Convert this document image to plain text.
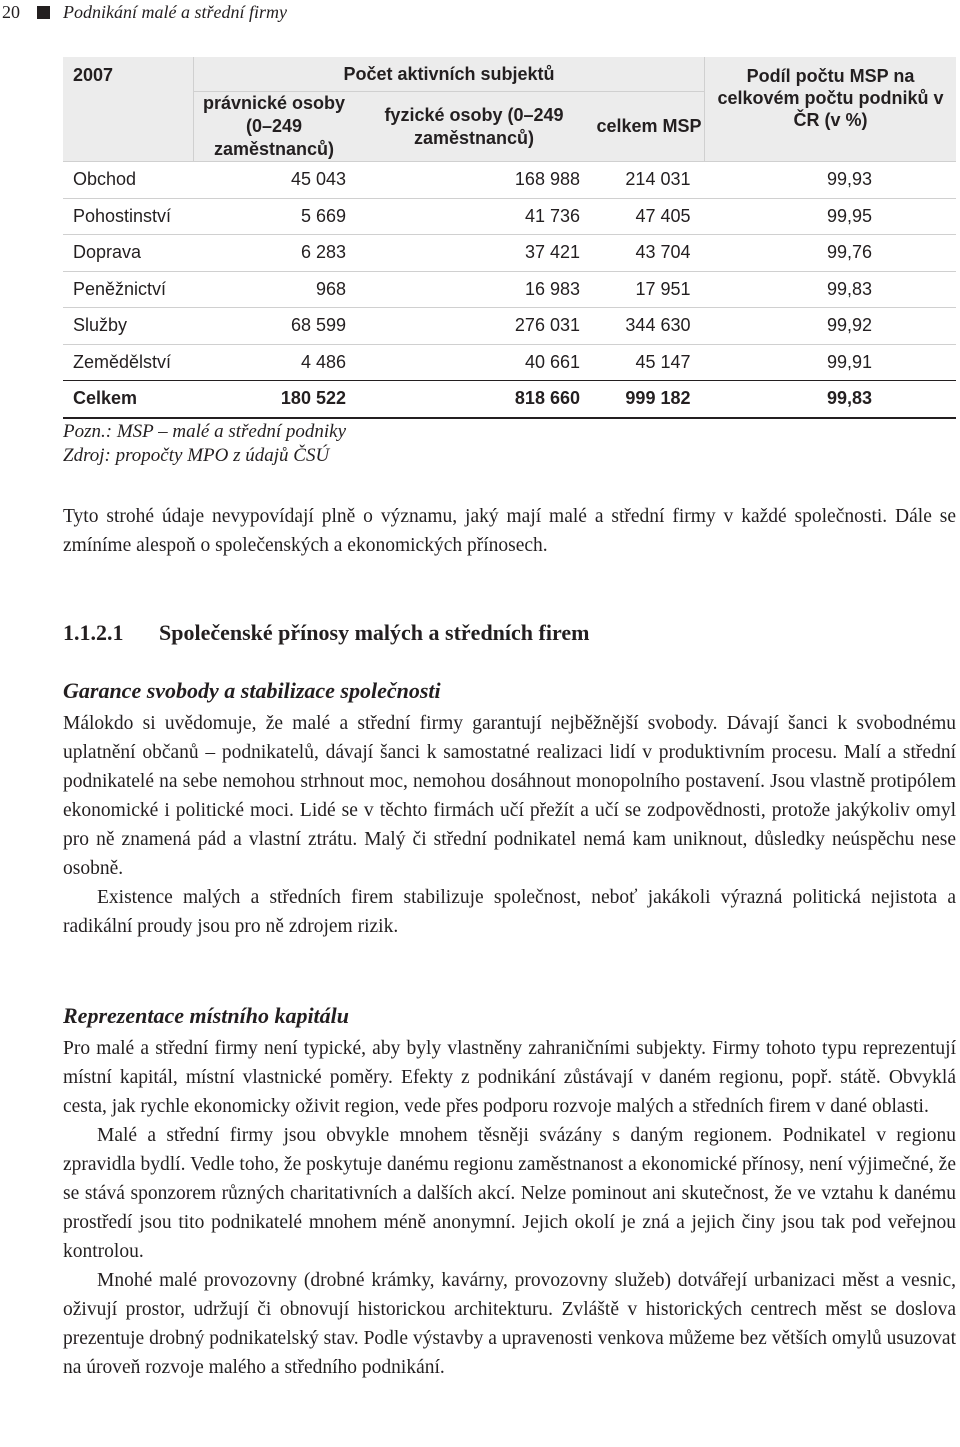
20 Podnikání malé a střední firmy
2007	Počet aktivních subjektů			Podíl počtu MSP na celkovém počtu podniků v ČR (v %)
	právnické osoby (0–249 zaměstnanců)	fyzické osoby (0–249 zaměstnanců)	celkem MSP	
Obchod	45 043	168 988	214 031	99,93
Pohostinství	5 669	41 736	47 405	99,95
Doprava	6 283	37 421	43 704	99,76
Peněžnictví	968	16 983	17 951	99,83
Služby	68 599	276 031	344 630	99,92
Zemědělství	4 486	40 661	45 147	99,91
Celkem	180 522	818 660	999 182	99,83
Pozn.: MSP – malé a střední podniky
Zdroj: propočty MPO z údajů ČSÚ

Tyto strohé údaje nevypovídají plně o významu, jaký mají malé a střední firmy v každé společnosti. Dále se zmíníme alespoň o společenských a ekonomických přínosech.

1.1.2.1 Společenské přínosy malých a středních firem
Garance svobody a stabilizace společnosti

Málokdo si uvědomuje, že malé a střední firmy garantují nejběžnější svobody. Dávají šanci k svobodnému uplatnění občanů – podnikatelů, dávají šanci k samostatné realizaci lidí v produktivním procesu. Malí a střední podnikatelé na sebe nemohou strhnout moc, nemohou dosáhnout monopolního postavení. Jsou vlastně protipólem ekonomické i politické moci. Lidé se v těchto firmách učí přežít a učí se zodpovědnosti, protože jakýkoliv omyl pro ně znamená pád a vlastní ztrátu. Malý či střední podnikatel nemá kam uniknout, důsledky neúspěchu nese osobně.

Existence malých a středních firem stabilizuje společnost, neboť jakákoli výrazná politická nejistota a radikální proudy jsou pro ně zdrojem rizik.

Reprezentace místního kapitálu

Pro malé a střední firmy není typické, aby byly vlastněny zahraničními subjekty. Firmy tohoto typu reprezentují místní kapitál, místní vlastnické poměry. Efekty z podnikání zůstávají v daném regionu, popř. státě. Obvyklá cesta, jak rychle ekonomicky oživit region, vede přes podporu rozvoje malých a středních firem v dané oblasti.

Malé a střední firmy jsou obvykle mnohem těsněji svázány s daným regionem. Podnikatel v regionu zpravidla bydlí. Vedle toho, že poskytuje danému regionu zaměstnanost a ekonomické přínosy, není výjimečné, že se stává sponzorem různých charitativních a dalších akcí. Nelze pominout ani skutečnost, že ve vztahu k danému prostředí jsou tito podnikatelé mnohem méně anonymní. Jejich okolí je zná a jejich činy jsou tak pod veřejnou kontrolou.

Mnohé malé provozovny (drobné krámky, kavárny, provozovny služeb) dotvářejí urbanizaci měst a vesnic, oživují prostor, udržují či obnovují historickou architekturu. Zvláště v historických centrech měst se doslova prezentuje drobný podnikatelský stav. Podle výstavby a upravenosti venkova můžeme bez větších omylů usuzovat na úroveň rozvoje malého a středního podnikání.
